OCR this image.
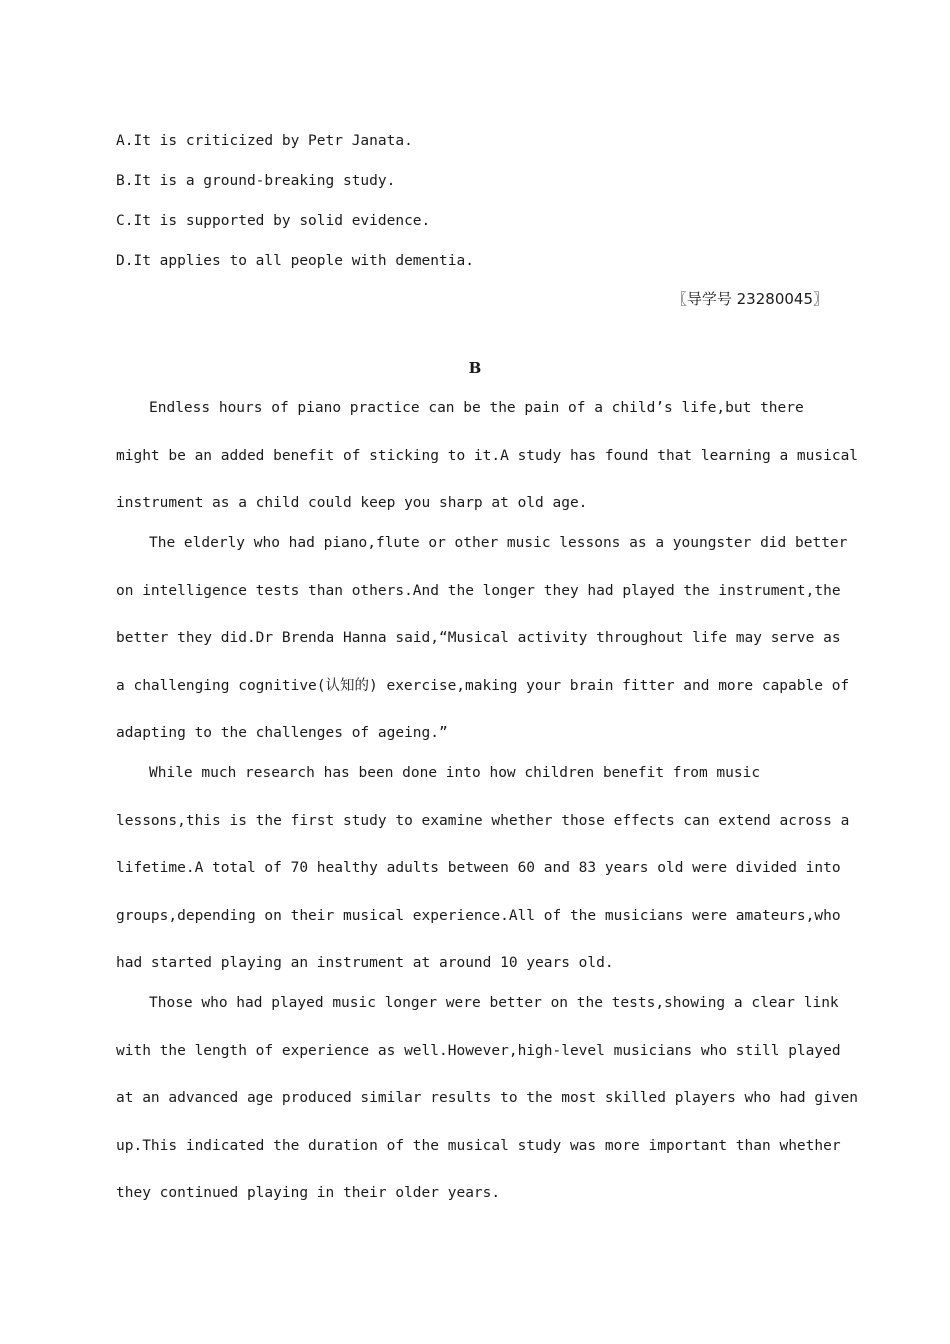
A.It is criticized by Petr Janata.
B.It is a ground-breaking study.
C.It is supported by solid evidence.
D.It applies to all people with dementia.
〖导学号 23280045〗
B
Endless hours of piano practice can be the pain of a child’s life,but there
might be an added benefit of sticking to it.A study has found that learning a musical
instrument as a child could keep you sharp at old age.
The elderly who had piano,flute or other music lessons as a youngster did better
on intelligence tests than others.And the longer they had played the instrument,the
better they did.Dr Brenda Hanna said,“Musical activity throughout life may serve as
a challenging cognitive(认知的) exercise,making your brain fitter and more capable of
adapting to the challenges of ageing.”
While much research has been done into how children benefit from music
lessons,this is the first study to examine whether those effects can extend across a
lifetime.A total of 70 healthy adults between 60 and 83 years old were divided into
groups,depending on their musical experience.All of the musicians were amateurs,who
had started playing an instrument at around 10 years old.
Those who had played music longer were better on the tests,showing a clear link
with the length of experience as well.However,high-level musicians who still played
at an advanced age produced similar results to the most skilled players who had given
up.This indicated the duration of the musical study was more important than whether
they continued playing in their older years.
